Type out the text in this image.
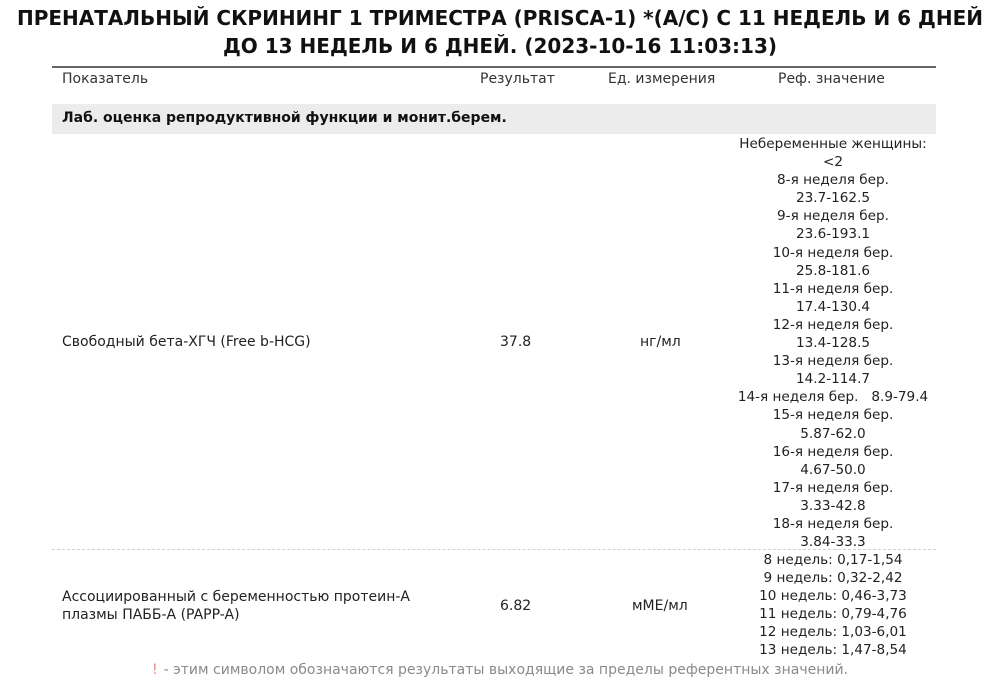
ПРЕНАТАЛЬНЫЙ СКРИНИНГ 1 ТРИМЕСТРА (PRISCA-1) *(A/C) С 11 НЕДЕЛЬ И 6 ДНЕЙ
ДО 13 НЕДЕЛЬ И 6 ДНЕЙ. (2023-10-16 11:03:13)
Показатель	Результат	Ед. измерения	Реф. значение
Лаб. оценка репродуктивной функции и монит.берем.
Свободный бета-ХГЧ (Free b-HCG)	37.8	нг/мл
Небеременные женщины:
<2
8-я неделя бер.
23.7-162.5
9-я неделя бер.
23.6-193.1
10-я неделя бер.
25.8-181.6
11-я неделя бер.
17.4-130.4
12-я неделя бер.
13.4-128.5
13-я неделя бер.
14.2-114.7
14-я неделя бер.   8.9-79.4
15-я неделя бер.
5.87-62.0
16-я неделя бер.
4.67-50.0
17-я неделя бер.
3.33-42.8
18-я неделя бер.
3.84-33.3
Ассоциированный с беременностью протеин-А
плазмы ПАББ-А (PAPP-A)
6.82	мМЕ/мл
8 недель: 0,17-1,54
9 недель: 0,32-2,42
10 недель: 0,46-3,73
11 недель: 0,79-4,76
12 недель: 1,03-6,01
13 недель: 1,47-8,54
! - этим символом обозначаются результаты выходящие за пределы референтных значений.
